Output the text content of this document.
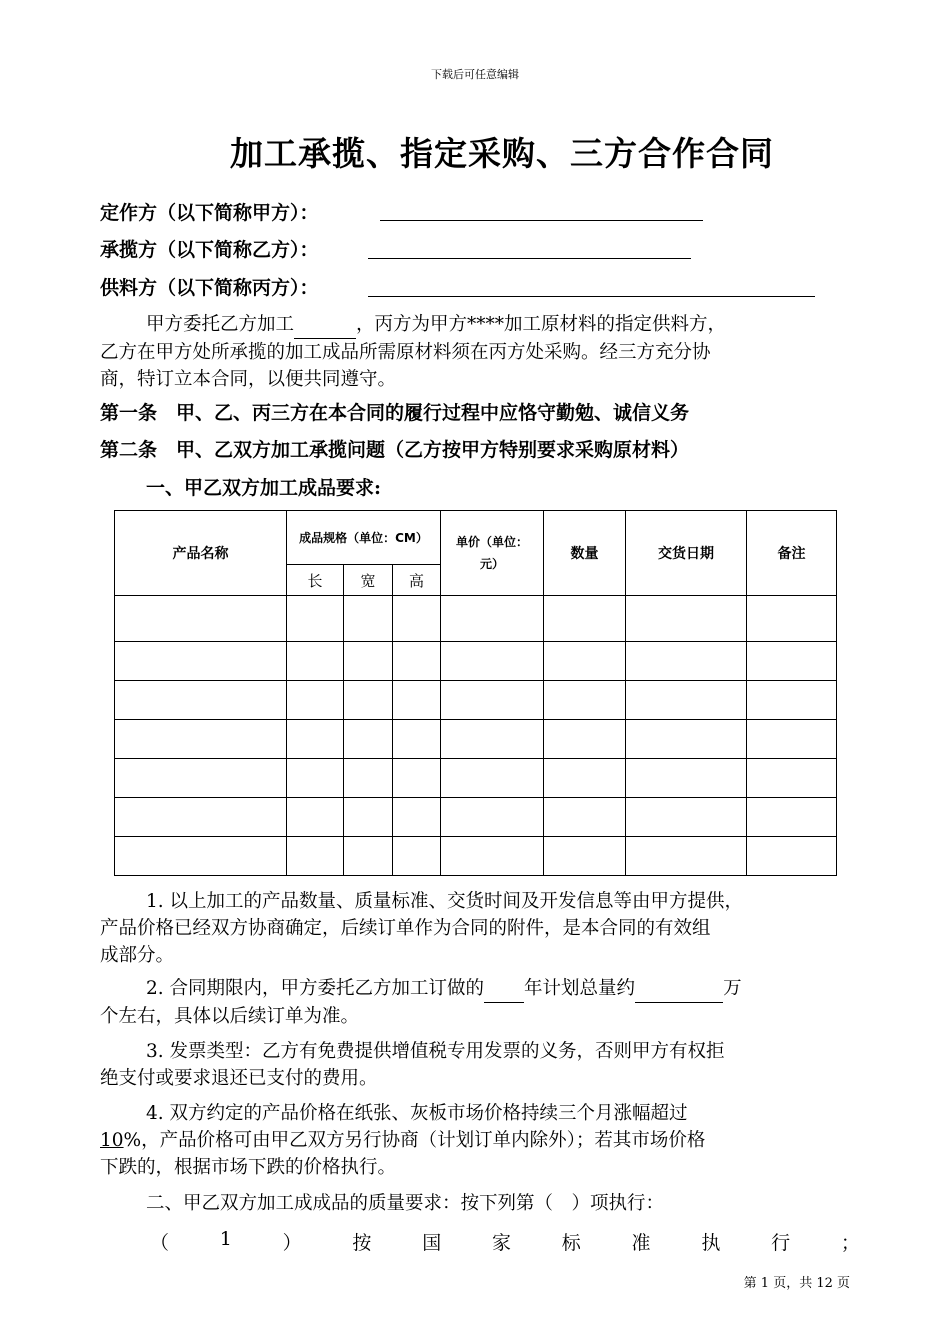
下载后可任意编辑
加工承揽、指定采购、三方合作合同
定作方（以下简称甲方）：
承揽方（以下简称乙方）：
供料方（以下简称丙方）：
甲方委托乙方加工	，丙方为甲方****加工原材料的指定供料方，
乙方在甲方处所承揽的加工成品所需原材料须在丙方处采购。经三方充分协
商，特订立本合同，以便共同遵守。
第一条　甲、乙、丙三方在本合同的履行过程中应恪守勤勉、诚信义务
第二条　甲、乙双方加工承揽问题（乙方按甲方特别要求采购原材料）
一、甲乙双方加工成品要求:
产品名称	成品规格（单位：CM）			单价（单位：元）	数量	交货日期	备注
	长	宽	高				

1. 以上加工的产品数量、质量标准、交货时间及开发信息等由甲方提供，
产品价格已经双方协商确定，后续订单作为合同的附件，是本合同的有效组
成部分。
2. 合同期限内，甲方委托乙方加工订做的 年计划总量约	万
个左右，具体以后续订单为准。
3. 发票类型：乙方有免费提供增值税专用发票的义务，否则甲方有权拒
绝支付或要求退还已支付的费用。
4. 双方约定的产品价格在纸张、灰板市场价格持续三个月涨幅超过
10%，产品价格可由甲乙双方另行协商（计划订单内除外）；若其市场价格
下跌的，根据市场下跌的价格执行。
二、甲乙双方加工成成品的质量要求：按下列第（　）项执行：
（	1	）	按	国	家	标	准	执	行	；
第 1 页，共 12 页
